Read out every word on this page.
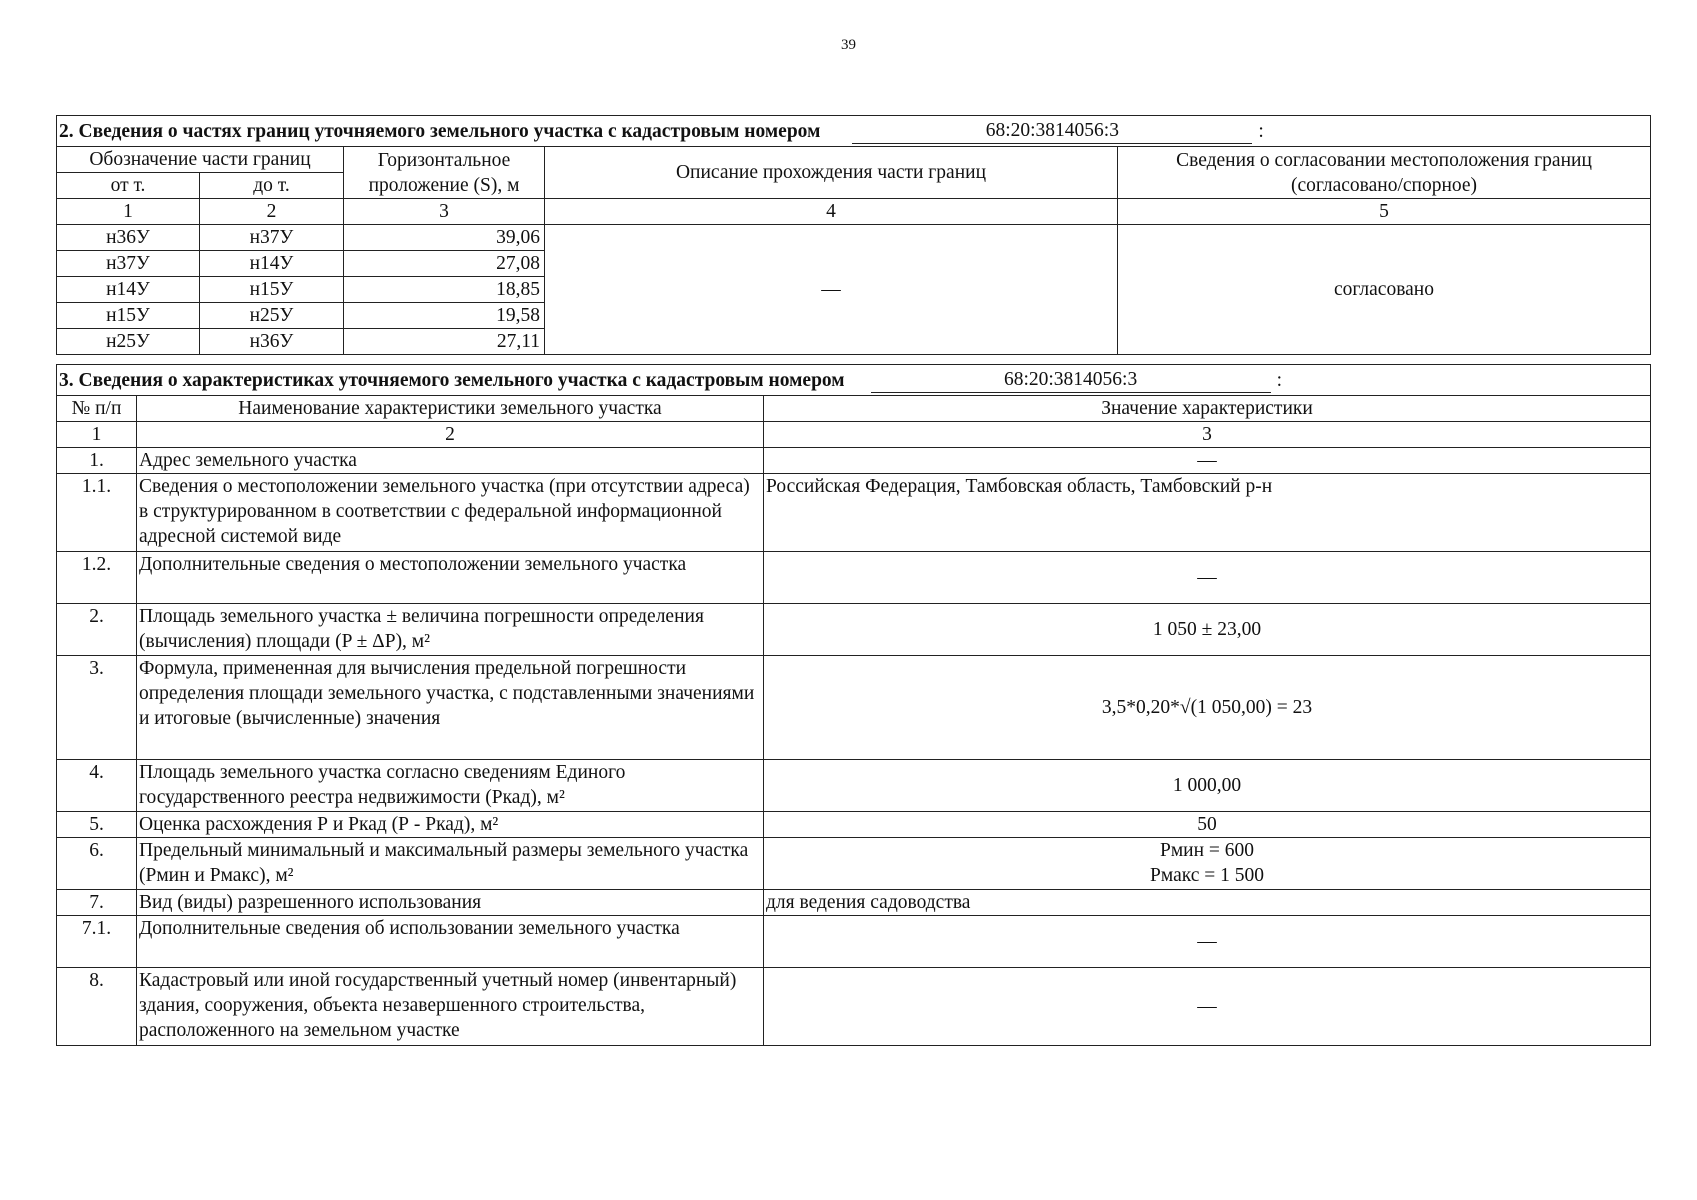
39
2. Сведения о частях границ уточняемого земельного участка с кадастровым номером 68:20:3814056:3 :				

Обозначение части границ		Горизонтальное проложение (S), м	Описание прохождения части границ	Сведения о согласовании местоположения границ (согласовано/спорное)
от т.	до т.			
1	2	3	4	5
н36У	н37У	39,06	—	согласовано
н37У	н14У	27,08		
н14У	н15У	18,85		
н15У	н25У	19,58		
н25У	н36У	27,11		
3. Сведения о характеристиках уточняемого земельного участка с кадастровым номером 68:20:3814056:3 :		

№ п/п	Наименование характеристики земельного участка	Значение характеристики
1	2	3
1.	Адрес земельного участка	—
1.1.	Сведения о местоположении земельного участка (при отсутствии адреса) в структурированном в соответствии с федеральной информационной адресной системой виде	Российская Федерация, Тамбовская область, Тамбовский р-н
1.2.	Дополнительные сведения о местоположении земельного участка	—
2.	Площадь земельного участка ± величина погрешности определения (вычисления) площади (P ± ΔP), м²	1 050 ± 23,00
3.	Формула, примененная для вычисления предельной погрешности определения площади земельного участка, с подставленными значениями и итоговые (вычисленные) значения	3,5*0,20*√(1 050,00) = 23
4.	Площадь земельного участка согласно сведениям Единого государственного реестра недвижимости (Ркад), м²	1 000,00
5.	Оценка расхождения Р и Ркад (Р - Ркад), м²	50
6.	Предельный минимальный и максимальный размеры земельного участка (Рмин и Рмакс), м²	Рмин = 600
Рмакс = 1 500

7.	Вид (виды) разрешенного использования	для ведения садоводства
7.1.	Дополнительные сведения об использовании земельного участка	—
8.	Кадастровый или иной государственный учетный номер (инвентарный) здания, сооружения, объекта незавершенного строительства, расположенного на земельном участке	—
